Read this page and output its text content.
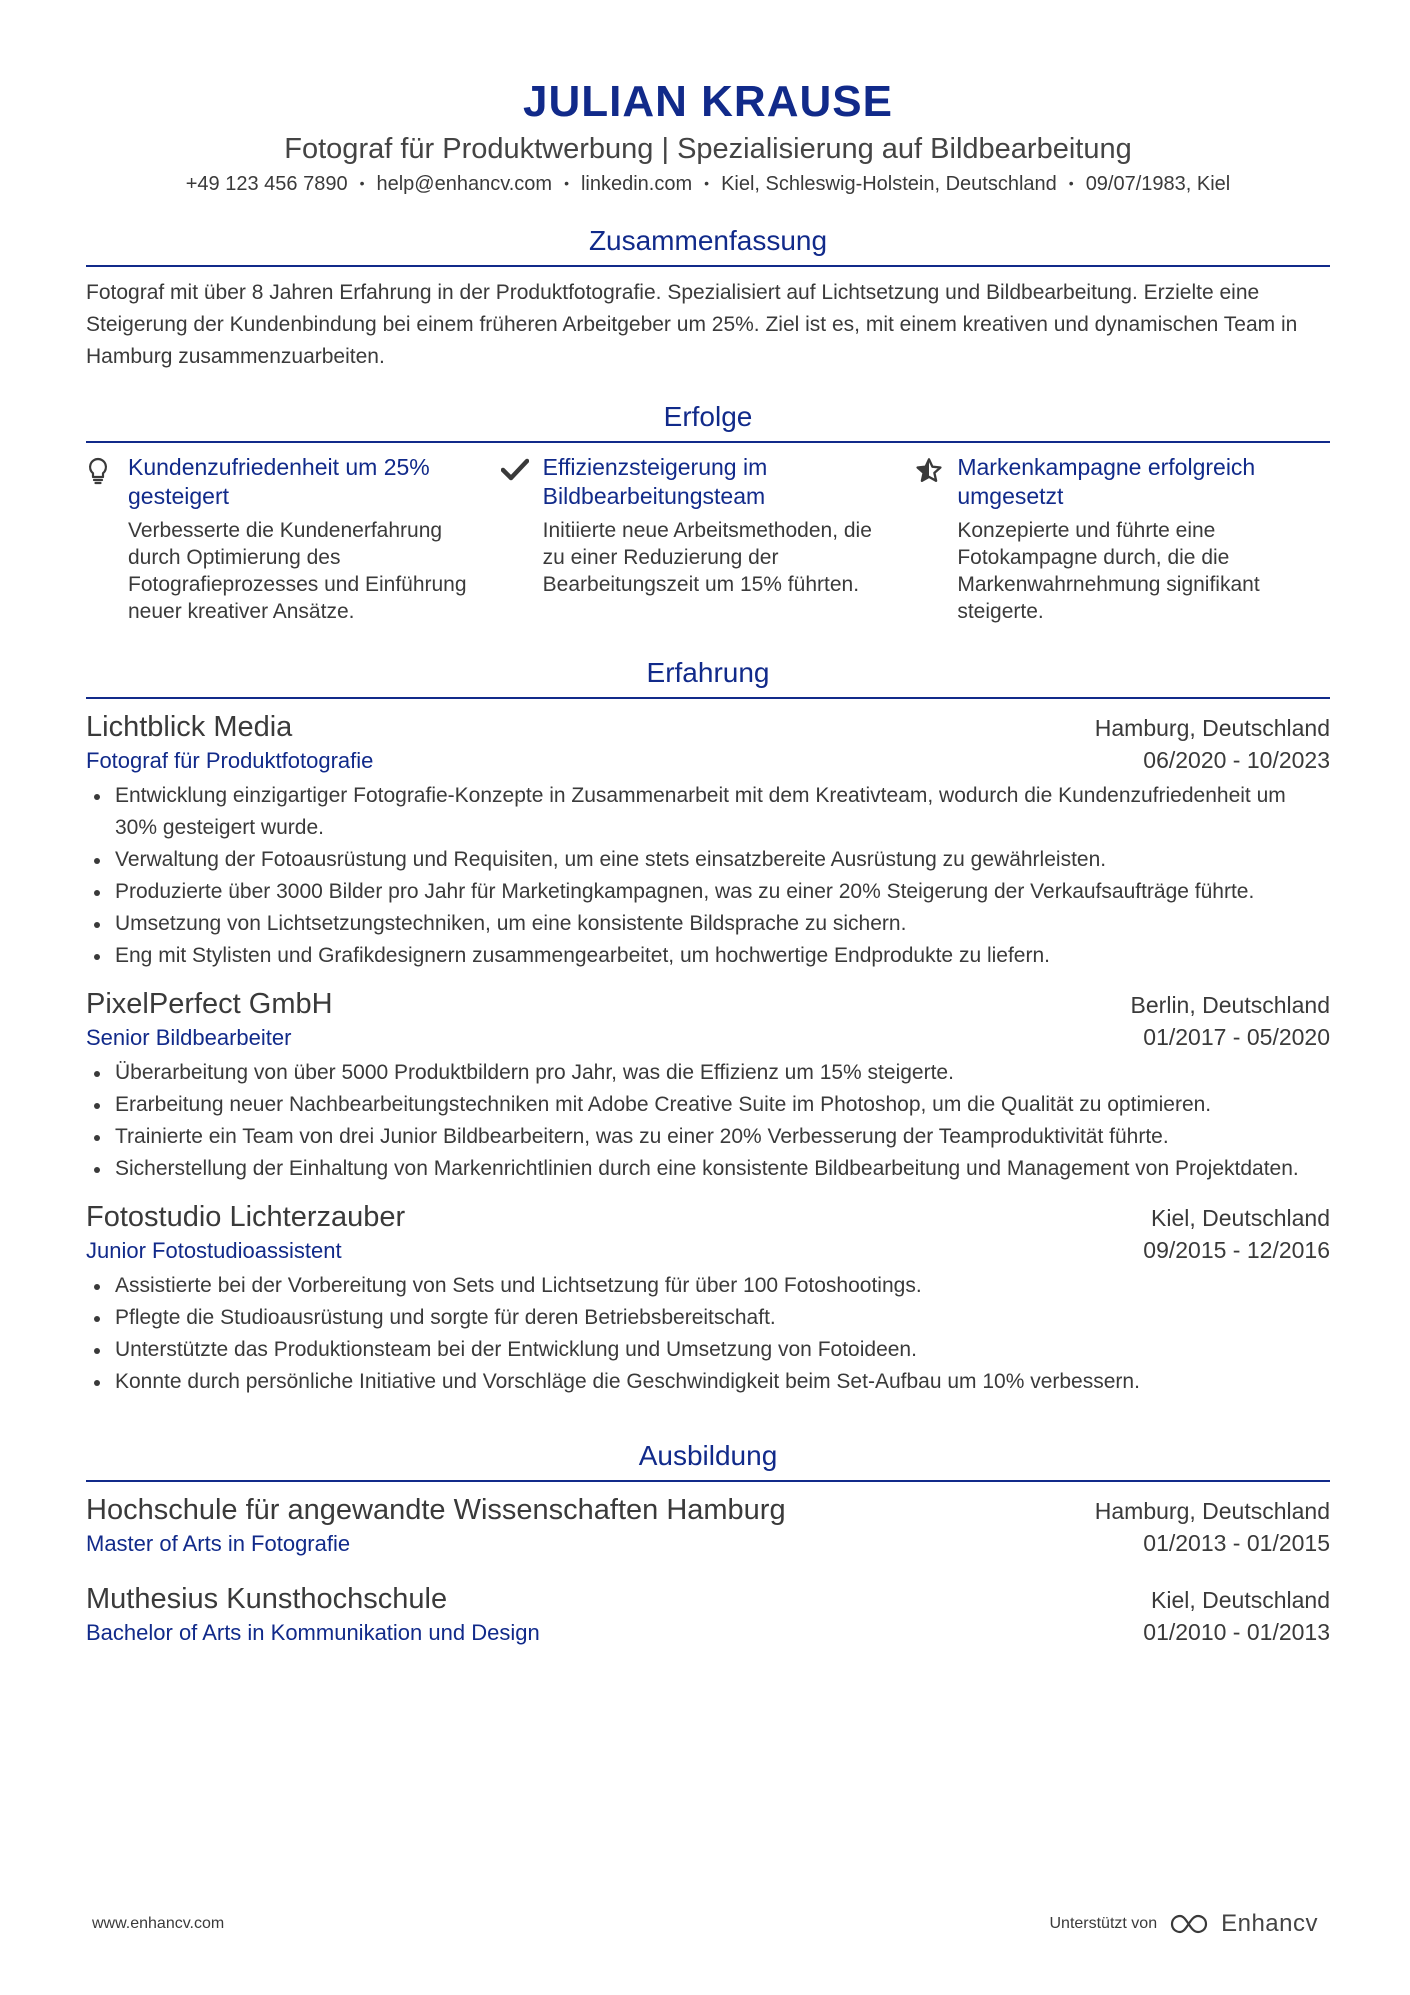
JULIAN KRAUSE
Fotograf für Produktwerbung | Spezialisierung auf Bildbearbeitung
+49 123 456 7890 • help@enhancv.com • linkedin.com • Kiel, Schleswig-Holstein, Deutschland • 09/07/1983, Kiel
Zusammenfassung
Fotograf mit über 8 Jahren Erfahrung in der Produktfotografie. Spezialisiert auf Lichtsetzung und Bildbearbeitung. Erzielte eine Steigerung der Kundenbindung bei einem früheren Arbeitgeber um 25%. Ziel ist es, mit einem kreativen und dynamischen Team in Hamburg zusammenzuarbeiten.
Erfolge
Kundenzufriedenheit um 25% gesteigert
Verbesserte die Kundenerfahrung durch Optimierung des Fotografieprozesses und Einführung neuer kreativer Ansätze.
Effizienzsteigerung im Bildbearbeitungsteam
Initiierte neue Arbeitsmethoden, die zu einer Reduzierung der Bearbeitungszeit um 15% führten.
Markenkampagne erfolgreich umgesetzt
Konzepierte und führte eine Fotokampagne durch, die die Markenwahrnehmung signifikant steigerte.
Erfahrung
Lichtblick Media	Hamburg, Deutschland
Fotograf für Produktfotografie	06/2020 - 10/2023
Entwicklung einzigartiger Fotografie-Konzepte in Zusammenarbeit mit dem Kreativteam, wodurch die Kundenzufriedenheit um 30% gesteigert wurde.
Verwaltung der Fotoausrüstung und Requisiten, um eine stets einsatzbereite Ausrüstung zu gewährleisten.
Produzierte über 3000 Bilder pro Jahr für Marketingkampagnen, was zu einer 20% Steigerung der Verkaufsaufträge führte.
Umsetzung von Lichtsetzungstechniken, um eine konsistente Bildsprache zu sichern.
Eng mit Stylisten und Grafikdesignern zusammengearbeitet, um hochwertige Endprodukte zu liefern.
PixelPerfect GmbH	Berlin, Deutschland
Senior Bildbearbeiter	01/2017 - 05/2020
Überarbeitung von über 5000 Produktbildern pro Jahr, was die Effizienz um 15% steigerte.
Erarbeitung neuer Nachbearbeitungstechniken mit Adobe Creative Suite im Photoshop, um die Qualität zu optimieren.
Trainierte ein Team von drei Junior Bildbearbeitern, was zu einer 20% Verbesserung der Teamproduktivität führte.
Sicherstellung der Einhaltung von Markenrichtlinien durch eine konsistente Bildbearbeitung und Management von Projektdaten.
Fotostudio Lichterzauber	Kiel, Deutschland
Junior Fotostudioassistent	09/2015 - 12/2016
Assistierte bei der Vorbereitung von Sets und Lichtsetzung für über 100 Fotoshootings.
Pflegte die Studioausrüstung und sorgte für deren Betriebsbereitschaft.
Unterstützte das Produktionsteam bei der Entwicklung und Umsetzung von Fotoideen.
Konnte durch persönliche Initiative und Vorschläge die Geschwindigkeit beim Set-Aufbau um 10% verbessern.
Ausbildung
Hochschule für angewandte Wissenschaften Hamburg	Hamburg, Deutschland
Master of Arts in Fotografie	01/2013 - 01/2015
Muthesius Kunsthochschule	Kiel, Deutschland
Bachelor of Arts in Kommunikation und Design	01/2010 - 01/2013
www.enhancv.com	Unterstützt von	Enhancv
